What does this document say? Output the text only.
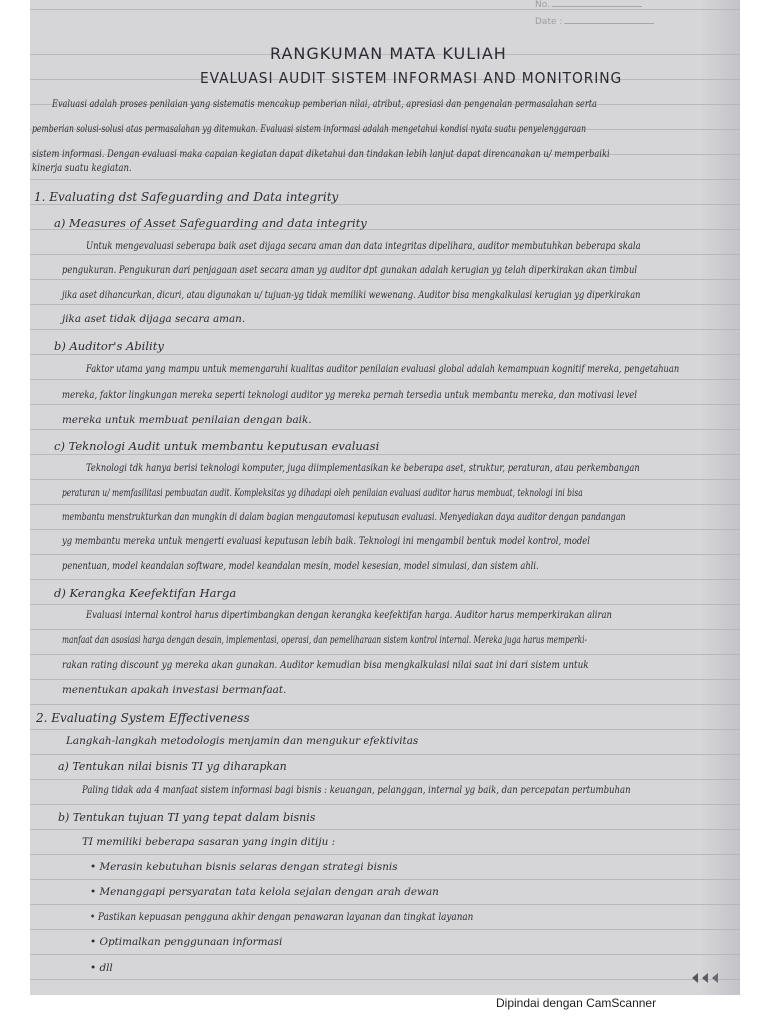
No.
Date :
RANGKUMAN MATA KULIAH
EVALUASI AUDIT SISTEM INFORMASI AND MONITORING
Evaluasi adalah proses penilaian yang sistematis mencakup pemberian nilai, atribut, apresiasi dan pengenalan permasalahan serta
pemberian solusi-solusi atas permasalahan yg ditemukan. Evaluasi sistem informasi adalah mengetahui kondisi nyata suatu penyelenggaraan
sistem informasi. Dengan evaluasi maka capaian kegiatan dapat diketahui dan tindakan lebih lanjut dapat direncanakan u/ memperbaiki
kinerja suatu kegiatan.
1. Evaluating dst Safeguarding and Data integrity
a) Measures of Asset Safeguarding and data integrity
Untuk mengevaluasi seberapa baik aset dijaga secara aman dan data integritas dipelihara, auditor membutuhkan beberapa skala
pengukuran. Pengukuran dari penjagaan aset secara aman yg auditor dpt gunakan adalah kerugian yg telah diperkirakan akan timbul
jika aset dihancurkan, dicuri, atau digunakan u/ tujuan-yg tidak memiliki wewenang. Auditor bisa mengkalkulasi kerugian yg diperkirakan
jika aset tidak dijaga secara aman.
b) Auditor's Ability
Faktor utama yang mampu untuk memengaruhi kualitas auditor penilaian evaluasi global adalah kemampuan kognitif mereka, pengetahuan
mereka, faktor lingkungan mereka seperti teknologi auditor yg mereka pernah tersedia untuk membantu mereka, dan motivasi level
mereka untuk membuat penilaian dengan baik.
c) Teknologi Audit untuk membantu keputusan evaluasi
Teknologi tdk hanya berisi teknologi komputer, juga diimplementasikan ke beberapa aset, struktur, peraturan, atau perkembangan
peraturan u/ memfasilitasi pembuatan audit. Kompleksitas yg dihadapi oleh penilaian evaluasi auditor harus membuat, teknologi ini bisa
membantu menstrukturkan dan mungkin di dalam bagian mengautomasi keputusan evaluasi. Menyediakan daya auditor dengan pandangan
yg membantu mereka untuk mengerti evaluasi keputusan lebih baik. Teknologi ini mengambil bentuk model kontrol, model
penentuan, model keandalan software, model keandalan mesin, model kesesian, model simulasi, dan sistem ahli.
d) Kerangka Keefektifan Harga
Evaluasi internal kontrol harus dipertimbangkan dengan kerangka keefektifan harga. Auditor harus memperkirakan aliran
manfaat dan asosiasi harga dengan desain, implementasi, operasi, dan pemeliharaan sistem kontrol internal. Mereka juga harus memperki-
rakan rating discount yg mereka akan gunakan. Auditor kemudian bisa mengkalkulasi nilai saat ini dari sistem untuk
menentukan apakah investasi bermanfaat.
2. Evaluating System Effectiveness
Langkah-langkah metodologis menjamin dan mengukur efektivitas
a) Tentukan nilai bisnis TI yg diharapkan
Paling tidak ada 4 manfaat sistem informasi bagi bisnis : keuangan, pelanggan, internal yg baik, dan percepatan pertumbuhan
b) Tentukan tujuan TI yang tepat dalam bisnis
TI memiliki beberapa sasaran yang ingin ditiju :
• Merasin kebutuhan bisnis selaras dengan strategi bisnis
• Menanggapi persyaratan tata kelola sejalan dengan arah dewan
• Pastikan kepuasan pengguna akhir dengan penawaran layanan dan tingkat layanan
• Optimalkan penggunaan informasi
• dll
Dipindai dengan CamScanner
